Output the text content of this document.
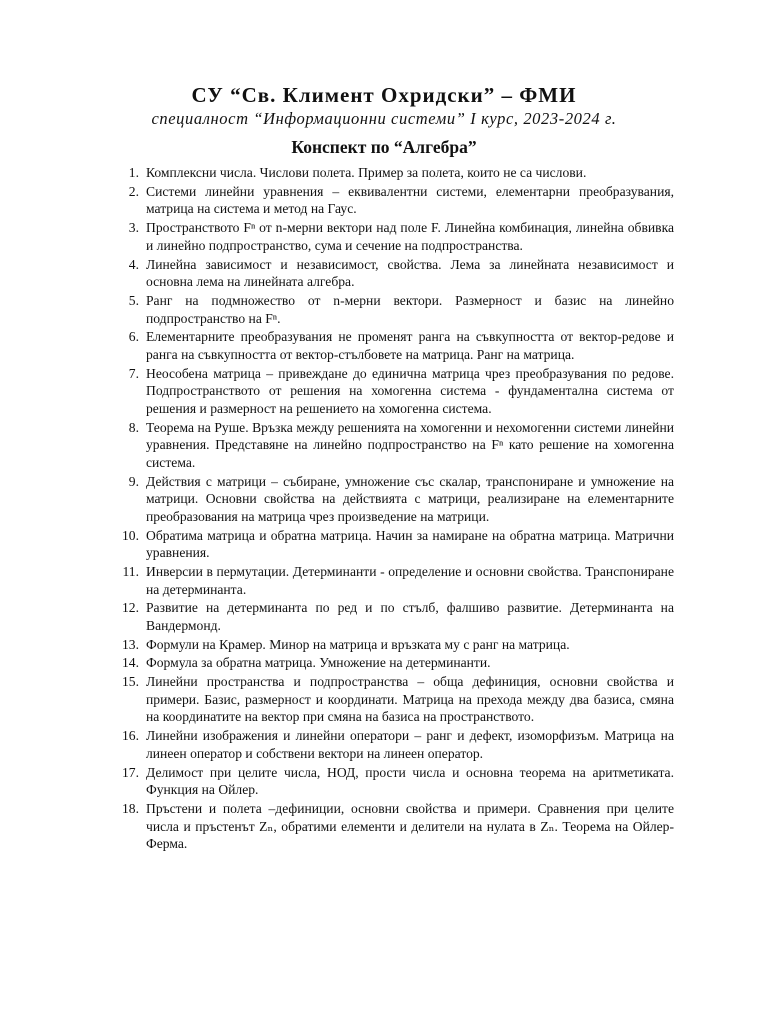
СУ “Св. Климент Охридски” – ФМИ
специалност “Информационни системи” I курс, 2023-2024 г.
Конспект по “Алгебра”
1. Комплексни числа. Числови полета. Пример за полета, които не са числови.
2. Системи линейни уравнения – еквивалентни системи, елементарни преобразувания, матрица на система и метод на Гаус.
3. Пространството Fⁿ от n-мерни вектори над поле F. Линейна комбинация, линейна обвивка и линейно подпространство, сума и сечение на подпространства.
4. Линейна зависимост и независимост, свойства. Лема за линейната независимост и основна лема на линейната алгебра.
5. Ранг на подмножество от n-мерни вектори. Размерност и базис на линейно подпространство на Fⁿ.
6. Елементарните преобразувания не променят ранга на съвкупността от вектор-редове и ранга на съвкупността от вектор-стълбовете на матрица. Ранг на матрица.
7. Неособена матрица – привеждане до единична матрица чрез преобразувания по редове. Подпространството от решения на хомогенна система - фундаментална система от решения и размерност на решението на хомогенна система.
8. Теорема на Руше. Връзка между решенията на хомогенни и нехомогенни системи линейни уравнения. Представяне на линейно подпространство на Fⁿ като решение на хомогенна система.
9. Действия с матрици – събиране, умножение със скалар, транспониране и умножение на матрици. Основни свойства на действията с матрици, реализиране на елементарните преобразования на матрица чрез произведение на матрици.
10. Обратима матрица и обратна матрица. Начин за намиране на обратна матрица. Матрични уравнения.
11. Инверсии в пермутации. Детерминанти - определение и основни свойства. Транспониране на детерминанта.
12. Развитие на детерминанта по ред и по стълб, фалшиво развитие. Детерминанта на Вандермонд.
13. Формули на Крамер. Минор на матрица и връзката му с ранг на матрица.
14. Формула за обратна матрица. Умножение на детерминанти.
15. Линейни пространства и подпространства – обща дефиниция, основни свойства и примери. Базис, размерност и координати. Матрица на прехода между два базиса, смяна на координатите на вектор при смяна на базиса на пространството.
16. Линейни изображения и линейни оператори – ранг и дефект, изоморфизъм. Матрица на линеен оператор и собствени вектори на линеен оператор.
17. Делимост при целите числа, НОД, прости числа и основна теорема на аритметиката. Функция на Ойлер.
18. Пръстени и полета –дефиниции, основни свойства и примери. Сравнения при целите числа и пръстенът Zₙ, обратими елементи и делители на нулата в Zₙ. Теорема на Ойлер-Ферма.
